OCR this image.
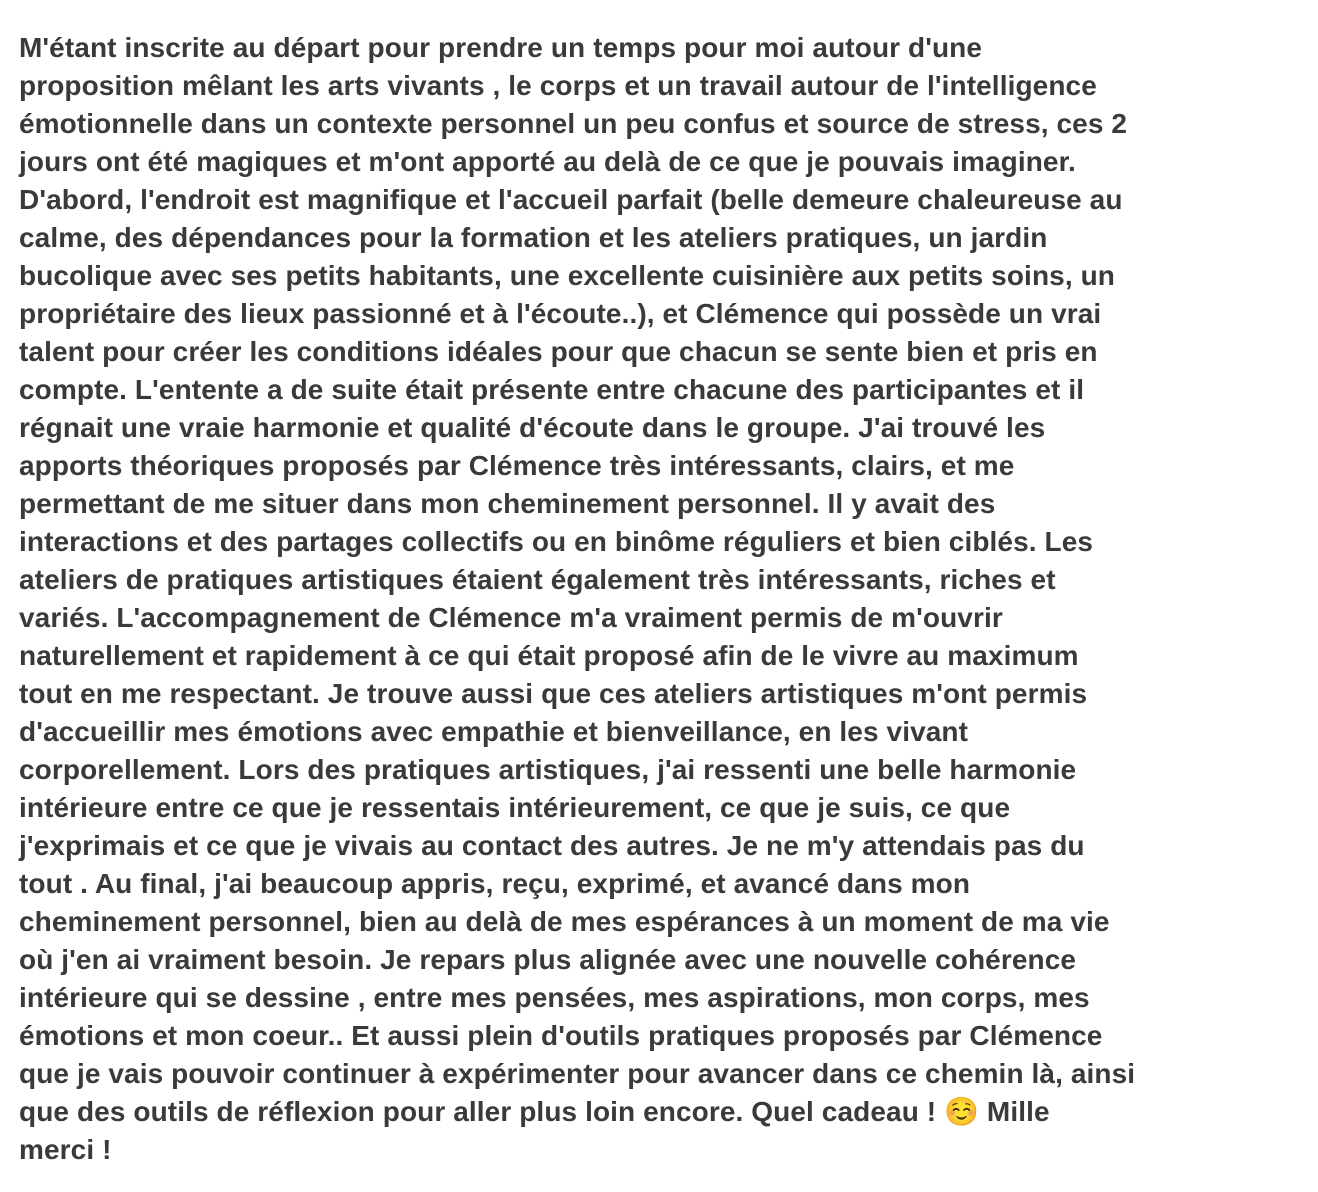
M'étant inscrite au départ pour prendre un temps pour moi autour d'une
proposition mêlant les arts vivants , le corps et un travail autour de l'intelligence
émotionnelle dans un contexte personnel un peu confus et source de stress, ces 2
jours ont été magiques et m'ont apporté au delà de ce que je pouvais imaginer.
D'abord, l'endroit est magnifique et l'accueil parfait (belle demeure chaleureuse au
calme, des dépendances pour la formation et les ateliers pratiques, un jardin
bucolique avec ses petits habitants, une excellente cuisinière aux petits soins, un
propriétaire des lieux passionné et à l'écoute..), et Clémence qui possède un vrai
talent pour créer les conditions idéales pour que chacun se sente bien et pris en
compte. L'entente a de suite était présente entre chacune des participantes et il
régnait une vraie harmonie et qualité d'écoute dans le groupe. J'ai trouvé les
apports théoriques proposés par Clémence très intéressants, clairs, et me
permettant de me situer dans mon cheminement personnel. Il y avait des
interactions et des partages collectifs ou en binôme réguliers et bien ciblés. Les
ateliers de pratiques artistiques étaient également très intéressants, riches et
variés. L'accompagnement de Clémence m'a vraiment permis de m'ouvrir
naturellement et rapidement à ce qui était proposé afin de le vivre au maximum
tout en me respectant. Je trouve aussi que ces ateliers artistiques m'ont permis
d'accueillir mes émotions avec empathie et bienveillance, en les vivant
corporellement. Lors des pratiques artistiques, j'ai ressenti une belle harmonie
intérieure entre ce que je ressentais intérieurement, ce que je suis, ce que
j'exprimais et ce que je vivais au contact des autres. Je ne m'y attendais pas du
tout . Au final, j'ai beaucoup appris, reçu, exprimé, et avancé dans mon
cheminement personnel, bien au delà de mes espérances à un moment de ma vie
où j'en ai vraiment besoin. Je repars plus alignée avec une nouvelle cohérence
intérieure qui se dessine , entre mes pensées, mes aspirations, mon corps, mes
émotions et mon coeur.. Et aussi plein d'outils pratiques proposés par Clémence
que je vais pouvoir continuer à expérimenter pour avancer dans ce chemin là, ainsi
que des outils de réflexion pour aller plus loin encore. Quel cadeau ! ☺️ Mille
merci !
